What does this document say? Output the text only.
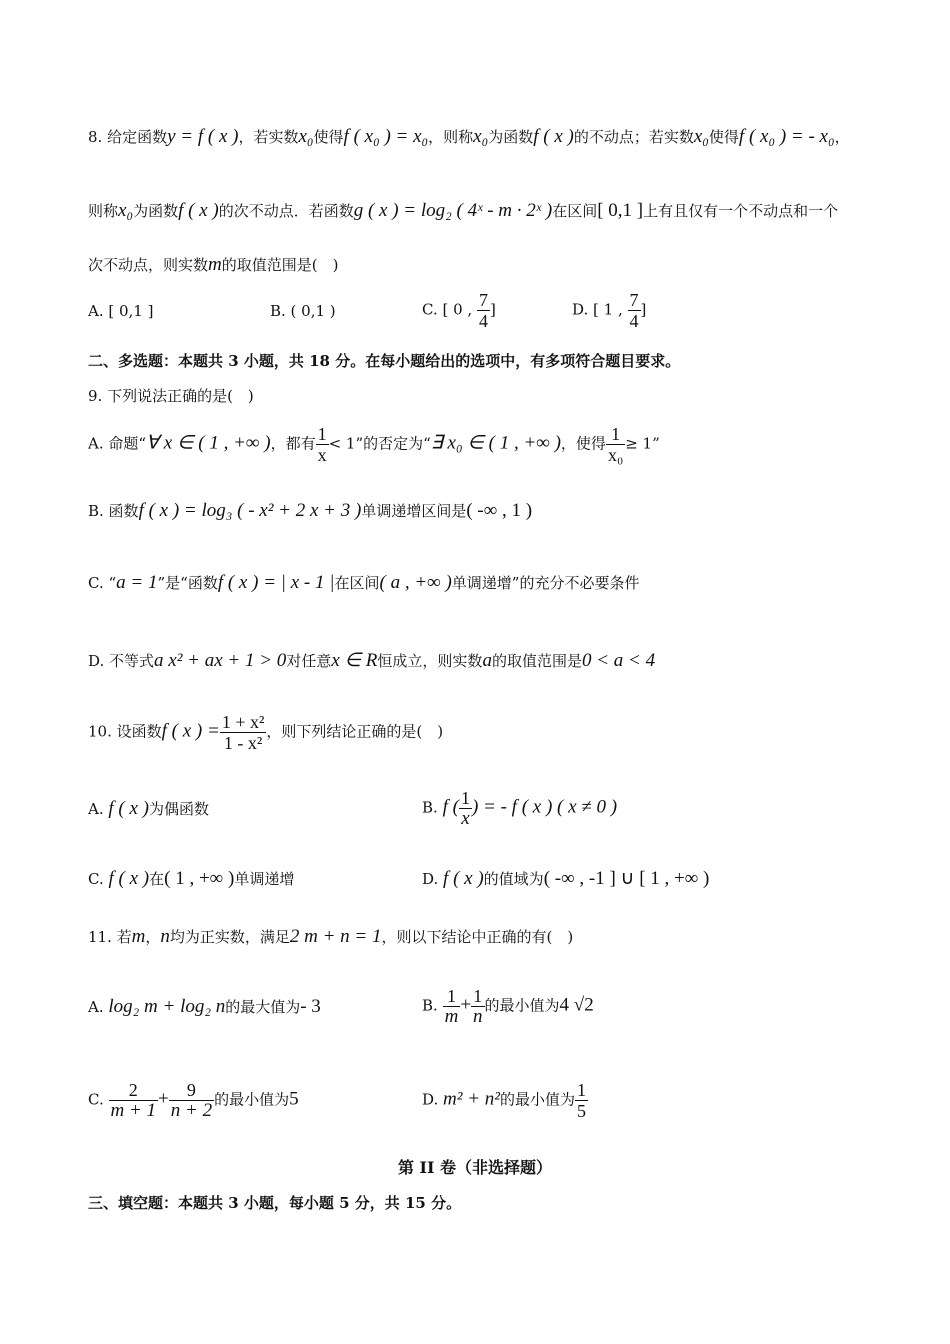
8. 给定函数y = f ( x )，若实数x₀使得f ( x₀ ) = x₀，则称x₀为函数f ( x )的不动点；若实数x₀使得f ( x₀ ) = - x₀，
则称x₀为函数f ( x )的次不动点．若函数g ( x ) = log₂ ( 4ˣ - m · 2ˣ )在区间[ 0,1 ]上有且仅有一个不动点和一个
次不动点，则实数m的取值范围是(　)
A. [ 0,1 ]	B. ( 0,1 )	C. [ 0 , $\frac{7}{4}$ ]	D. [ 1 , $\frac{7}{4}$ ]
二、多选题：本题共 3 小题，共 18 分。在每小题给出的选项中，有多项符合题目要求。
9. 下列说法正确的是(　)
A. 命题“∀ x ∈ ( 1 , +∞ )，都有 $\frac{1}{x} < 1$”的否定为“∃ x₀ ∈ ( 1 , +∞ )，使得 $\frac{1}{\text{x₀}} \ge 1$”
B. 函数f ( x ) = log₃ ( - x² + 2 x + 3 )单调递增区间是( -∞ , 1 )
C. “a = 1”是“函数f ( x ) = | x - 1 |在区间( a , +∞ )单调递增”的充分不必要条件
D. 不等式a x² + ax + 1 > 0对任意x ∈ R恒成立，则实数a的取值范围是0 < a < 4
10. 设函数f ( x ) = $\frac{\text{1 + x²}}{\text{1 - x²}}$ ，则下列结论正确的是(　)
A. f ( x )为偶函数	B. f ( $\frac{1}{x}$ ) = - f ( x ) ( x ≠ 0 )
C. f ( x )在( 1 , +∞ )单调递增	D. f ( x )的值域为( -∞ , -1 ] ∪ [ 1 , +∞ )
11. 若m，n均为正实数，满足2 m + n = 1，则以下结论中正确的有(　)
A. log₂ m + log₂ n的最大值为- 3	B. $\frac{1}{m} + \frac{1}{n}$ 的最小值为4 √2
C. $\frac{2}{m + 1} + \frac{9}{n + 2}$ 的最小值为5	D. m² + n²的最小值为 $\frac{1}{5}$
第 II 卷（非选择题）
三、填空题：本题共 3 小题，每小题 5 分，共 15 分。
